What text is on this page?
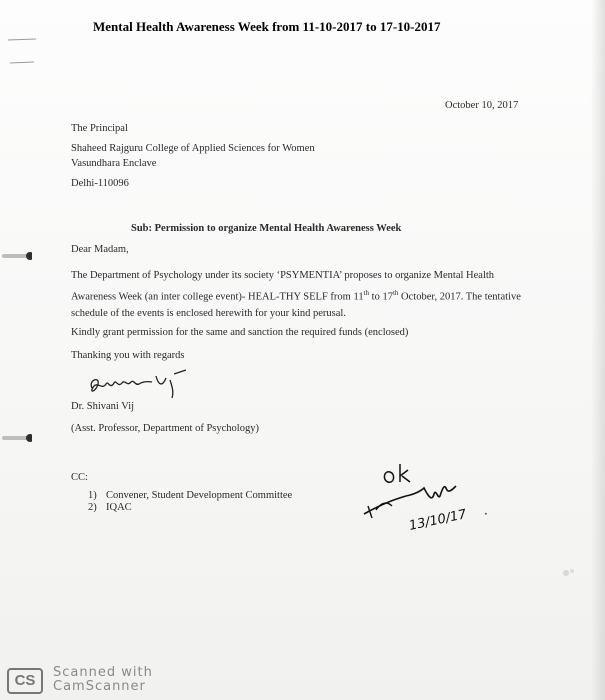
Mental Health Awareness Week from 11-10-2017 to 17-10-2017
October 10, 2017
The Principal
Shaheed Rajguru College of Applied Sciences for Women
Vasundhara Enclave
Delhi-110096
Sub: Permission to organize Mental Health Awareness Week
Dear Madam,
The Department of Psychology under its society ‘PSYMENTIA’ proposes to organize Mental Health Awareness Week (an inter college event)- HEAL-THY SELF from 11th to 17th October, 2017. The tentative schedule of the events is enclosed herewith for your kind perusal.
Kindly grant permission for the same and sanction the required funds (enclosed)
Thanking you with regards
Dr. Shivani Vij
(Asst. Professor, Department of Psychology)
CC:
1) Convener, Student Development Committee
2) IQAC	13/10/17 ·
CS	Scanned with
CamScanner
